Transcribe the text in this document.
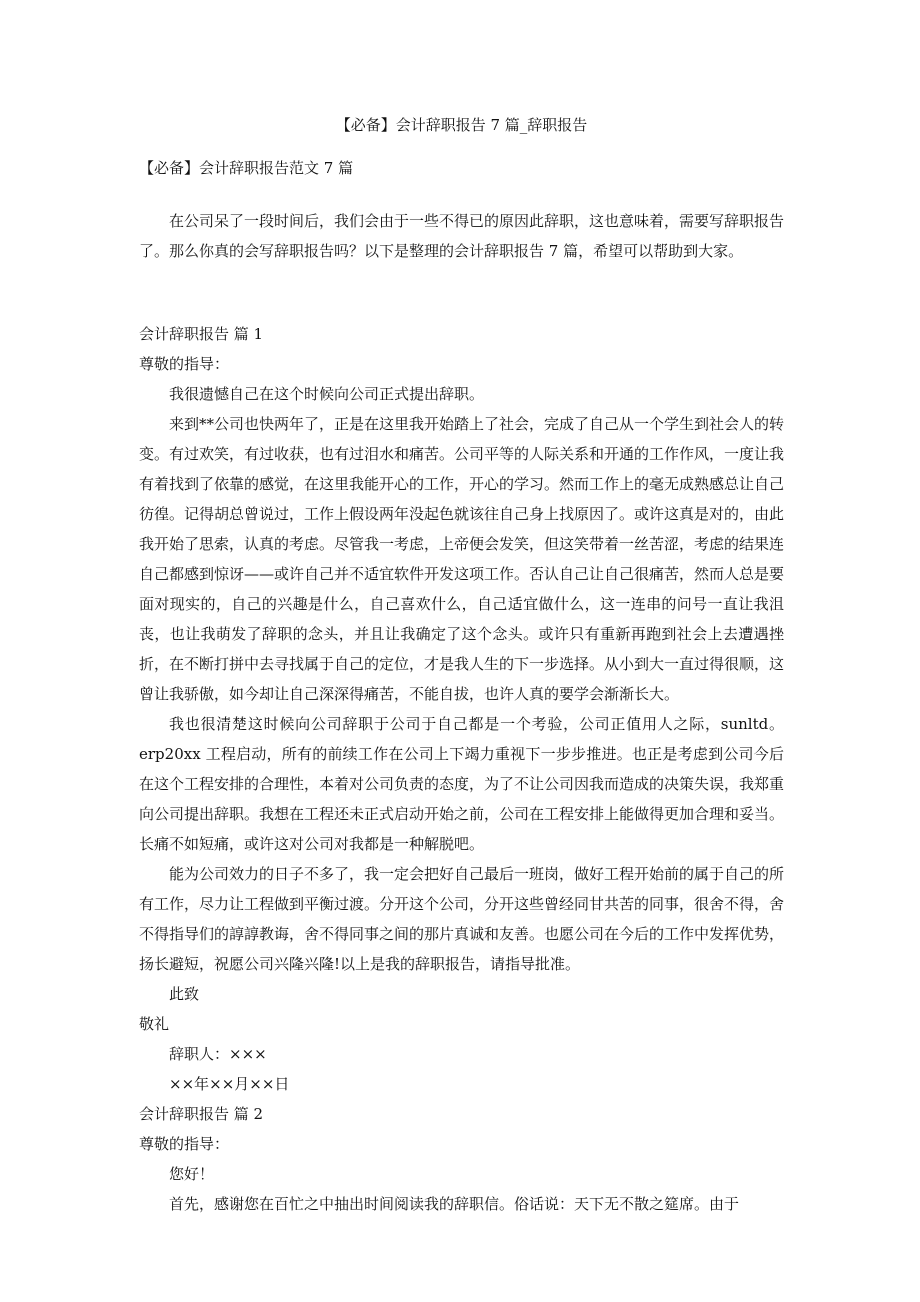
【必备】会计辞职报告 7 篇_辞职报告

【必备】会计辞职报告范文 7 篇

在公司呆了一段时间后，我们会由于一些不得已的原因此辞职，这也意味着，需要写辞职报告了。那么你真的会写辞职报告吗？以下是整理的会计辞职报告 7 篇，希望可以帮助到大家。

会计辞职报告 篇 1

尊敬的指导：

我很遗憾自己在这个时候向公司正式提出辞职。

来到**公司也快两年了，正是在这里我开始踏上了社会，完成了自己从一个学生到社会人的转变。有过欢笑，有过收获，也有过泪水和痛苦。公司平等的人际关系和开通的工作作风，一度让我有着找到了依靠的感觉，在这里我能开心的工作，开心的学习。然而工作上的毫无成熟感总让自己彷徨。记得胡总曾说过，工作上假设两年没起色就该往自己身上找原因了。或许这真是对的，由此我开始了思索，认真的考虑。尽管我一考虑，上帝便会发笑，但这笑带着一丝苦涩，考虑的结果连自己都感到惊讶——或许自己并不适宜软件开发这项工作。否认自己让自己很痛苦，然而人总是要面对现实的，自己的兴趣是什么，自己喜欢什么，自己适宜做什么，这一连串的问号一直让我沮丧，也让我萌发了辞职的念头，并且让我确定了这个念头。或许只有重新再跑到社会上去遭遇挫折，在不断打拼中去寻找属于自己的定位，才是我人生的下一步选择。从小到大一直过得很顺，这曾让我骄傲，如今却让自己深深得痛苦，不能自拔，也许人真的要学会渐渐长大。

我也很清楚这时候向公司辞职于公司于自己都是一个考验，公司正值用人之际，sunltd。erp20xx 工程启动，所有的前续工作在公司上下竭力重视下一步步推进。也正是考虑到公司今后在这个工程安排的合理性，本着对公司负责的态度，为了不让公司因我而造成的决策失误，我郑重向公司提出辞职。我想在工程还未正式启动开始之前，公司在工程安排上能做得更加合理和妥当。长痛不如短痛，或许这对公司对我都是一种解脱吧。

能为公司效力的日子不多了，我一定会把好自己最后一班岗，做好工程开始前的属于自己的所有工作，尽力让工程做到平衡过渡。分开这个公司，分开这些曾经同甘共苦的同事，很舍不得，舍不得指导们的諄諄教诲，舍不得同事之间的那片真诚和友善。也愿公司在今后的工作中发挥优势，扬长避短，祝愿公司兴隆兴隆!以上是我的辞职报告，请指导批准。

此致

敬礼

辞职人：×××

××年××月××日

会计辞职报告 篇 2

尊敬的指导：

您好！

首先，感谢您在百忙之中抽出时间阅读我的辞职信。俗话说：天下无不散之筵席。由于
